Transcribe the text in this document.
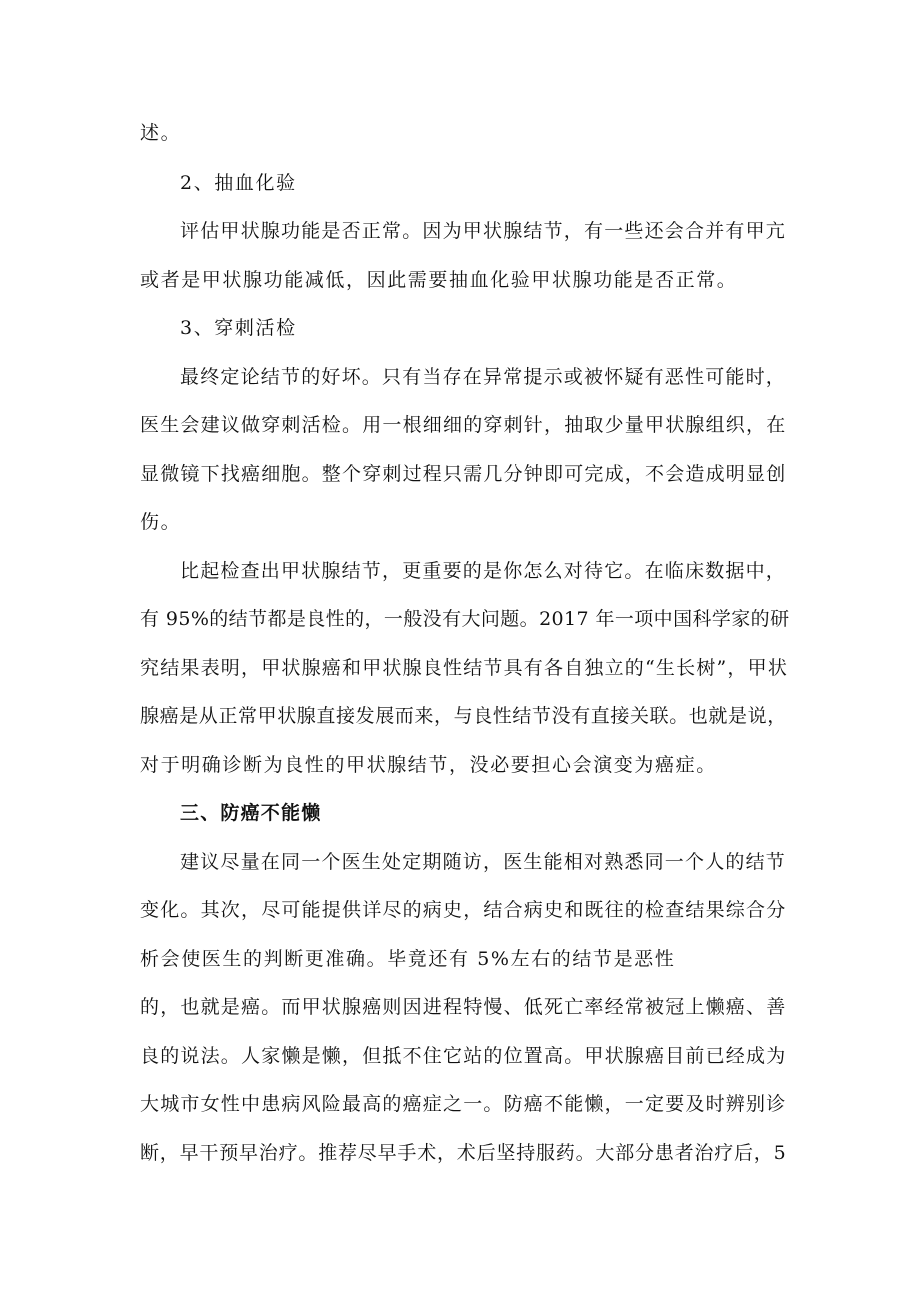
述。
2、抽血化验
评估甲状腺功能是否正常。因为甲状腺结节，有一些还会合并有甲亢
或者是甲状腺功能减低，因此需要抽血化验甲状腺功能是否正常。
3、穿刺活检
最终定论结节的好坏。只有当存在异常提示或被怀疑有恶性可能时，
医生会建议做穿刺活检。用一根细细的穿刺针，抽取少量甲状腺组织，在
显微镜下找癌细胞。整个穿刺过程只需几分钟即可完成，不会造成明显创
伤。
比起检查出甲状腺结节，更重要的是你怎么对待它。在临床数据中，
有 95%的结节都是良性的，一般没有大问题。2017 年一项中国科学家的研
究结果表明，甲状腺癌和甲状腺良性结节具有各自独立的“生长树”，甲状
腺癌是从正常甲状腺直接发展而来，与良性结节没有直接关联。也就是说，
对于明确诊断为良性的甲状腺结节，没必要担心会演变为癌症。
三、防癌不能懒
建议尽量在同一个医生处定期随访，医生能相对熟悉同一个人的结节
变化。其次，尽可能提供详尽的病史，结合病史和既往的检查结果综合分
析会使医生的判断更准确。毕竟还有 5%左右的结节是恶性
的，也就是癌。而甲状腺癌则因进程特慢、低死亡率经常被冠上懒癌、善
良的说法。人家懒是懒，但抵不住它站的位置高。甲状腺癌目前已经成为
大城市女性中患病风险最高的癌症之一。防癌不能懒，一定要及时辨别诊
断，早干预早治疗。推荐尽早手术，术后坚持服药。大部分患者治疗后，5
